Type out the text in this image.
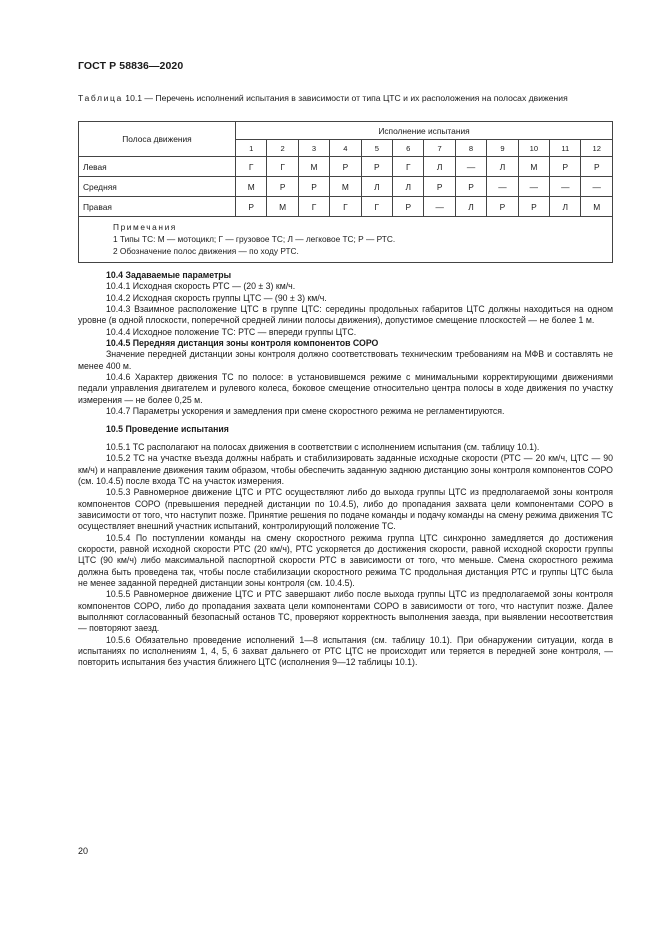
ГОСТ Р 58836—2020
Таблица 10.1 — Перечень исполнений испытания в зависимости от типа ЦТС и их расположения на полосах движения
Полоса движения	Исполнение испытания											
	1	2	3	4	5	6	7	8	9	10	11	12
Левая	Г	Г	М	Р	Р	Г	Л	—	Л	М	Р	Р
Средняя	М	Р	Р	М	Л	Л	Р	Р	—	—	—	—
Правая	Р	М	Г	Г	Г	Р	—	Л	Р	Р	Л	М

Примечания
1 Типы ТС: М — мотоцикл; Г — грузовое ТС; Л — легковое ТС; Р — РТС.
2 Обозначение полос движения — по ходу РТС.												

10.4 Задаваемые параметры

10.4.1 Исходная скорость РТС — (20 ± 3) км/ч.

10.4.2 Исходная скорость группы ЦТС — (90 ± 3) км/ч.

10.4.3 Взаимное расположение ЦТС в группе ЦТС: середины продольных габаритов ЦТС должны находиться на одном уровне (в одной плоскости, поперечной средней линии полосы движения), допустимое смещение плоскостей — не более 1 м.

10.4.4 Исходное положение ТС: РТС — впереди группы ЦТС.

10.4.5 Передняя дистанция зоны контроля компонентов СОРО

Значение передней дистанции зоны контроля должно соответствовать техническим требованиям на МФВ и составлять не менее 400 м.

10.4.6 Характер движения ТС по полосе: в установившемся режиме с минимальными корректирующими движениями педали управления двигателем и рулевого колеса, боковое смещение относительно центра полосы в ходе движения по участку измерения — не более 0,25 м.

10.4.7 Параметры ускорения и замедления при смене скоростного режима не регламентируются.

10.5 Проведение испытания

10.5.1 ТС располагают на полосах движения в соответствии с исполнением испытания (см. таблицу 10.1).

10.5.2 ТС на участке въезда должны набрать и стабилизировать заданные исходные скорости (РТС — 20 км/ч, ЦТС — 90 км/ч) и направление движения таким образом, чтобы обеспечить заданную заднюю дистанцию зоны контроля компонентов СОРО (см. 10.4.5) после входа ТС на участок измерения.

10.5.3 Равномерное движение ЦТС и РТС осуществляют либо до выхода группы ЦТС из предполагаемой зоны контроля компонентов СОРО (превышения передней дистанции по 10.4.5), либо до пропадания захвата цели компонентами СОРО в зависимости от того, что наступит позже. Принятие решения по подаче команды и подачу команды на смену режима движения ТС осуществляет внешний участник испытаний, контролирующий положение ТС.

10.5.4 По поступлении команды на смену скоростного режима группа ЦТС синхронно замедляется до достижения скорости, равной исходной скорости РТС (20 км/ч), РТС ускоряется до достижения скорости, равной исходной скорости группы ЦТС (90 км/ч) либо максимальной паспортной скорости РТС в зависимости от того, что меньше. Смена скоростного режима должна быть проведена так, чтобы после стабилизации скоростного режима ТС продольная дистанция РТС и группы ЦТС была не менее заданной передней дистанции зоны контроля (см. 10.4.5).

10.5.5 Равномерное движение ЦТС и РТС завершают либо после выхода группы ЦТС из предполагаемой зоны контроля компонентов СОРО, либо до пропадания захвата цели компонентами СОРО в зависимости от того, что наступит позже. Далее выполняют согласованный безопасный останов ТС, проверяют корректность выполнения заезда, при выявлении несоответствия — повторяют заезд.

10.5.6 Обязательно проведение исполнений 1—8 испытания (см. таблицу 10.1). При обнаружении ситуации, когда в испытаниях по исполнениям 1, 4, 5, 6 захват дальнего от РТС ЦТС не происходит или теряется в передней зоне контроля, — повторить испытания без участия ближнего ЦТС (исполнения 9—12 таблицы 10.1).

20
